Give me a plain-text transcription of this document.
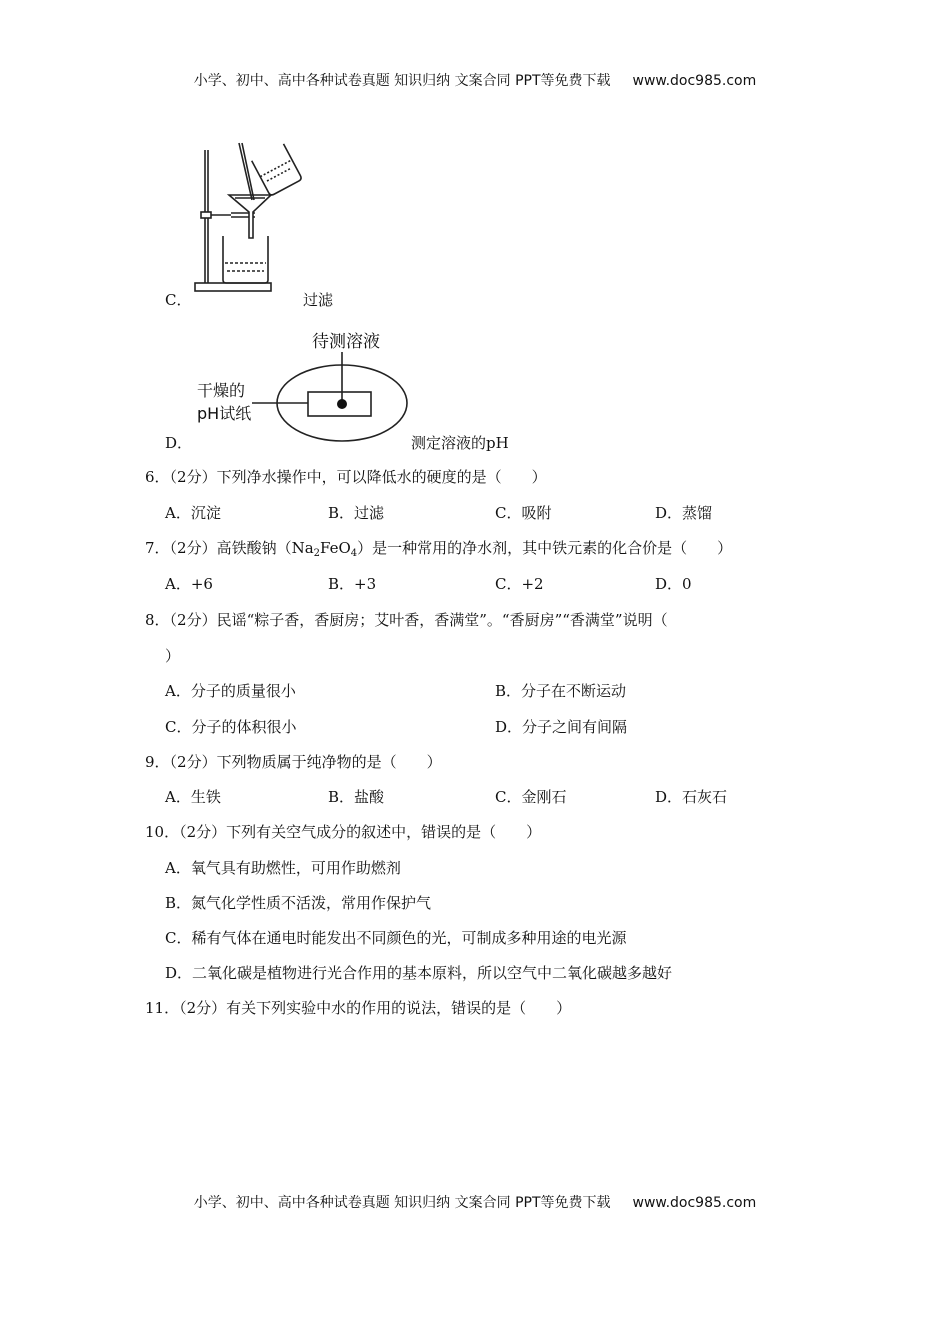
小学、初中、高中各种试卷真题 知识归纳 文案合同 PPT等免费下载 www.doc985.com
C．	过滤
待测溶液
干燥的
pH试纸
D．	测定溶液的pH
6．（2分）下列净水操作中，可以降低水的硬度的是（　　）
A．沉淀	B．过滤	C．吸附	D．蒸馏
7．（2分）高铁酸钠$(Na_2FeO_4)$是一种常用的净水剂，其中铁元素的化合价是（　　）
A．+6	B．+3	C．+2	D．0
8．（2分）民谣“粽子香，香厨房；艾叶香，香满堂”。“香厨房”“香满堂”说明（
）
A．分子的质量很小	B．分子在不断运动
C．分子的体积很小	D．分子之间有间隔
9．（2分）下列物质属于纯净物的是（　　）
A．生铁	B．盐酸	C．金刚石	D．石灰石
10．（2分）下列有关空气成分的叙述中，错误的是（　　）
A．氧气具有助燃性，可用作助燃剂
B．氮气化学性质不活泼，常用作保护气
C．稀有气体在通电时能发出不同颜色的光，可制成多种用途的电光源
D．二氧化碳是植物进行光合作用的基本原料，所以空气中二氧化碳越多越好
11．（2分）有关下列实验中水的作用的说法，错误的是（　　）
小学、初中、高中各种试卷真题 知识归纳 文案合同 PPT等免费下载 www.doc985.com
